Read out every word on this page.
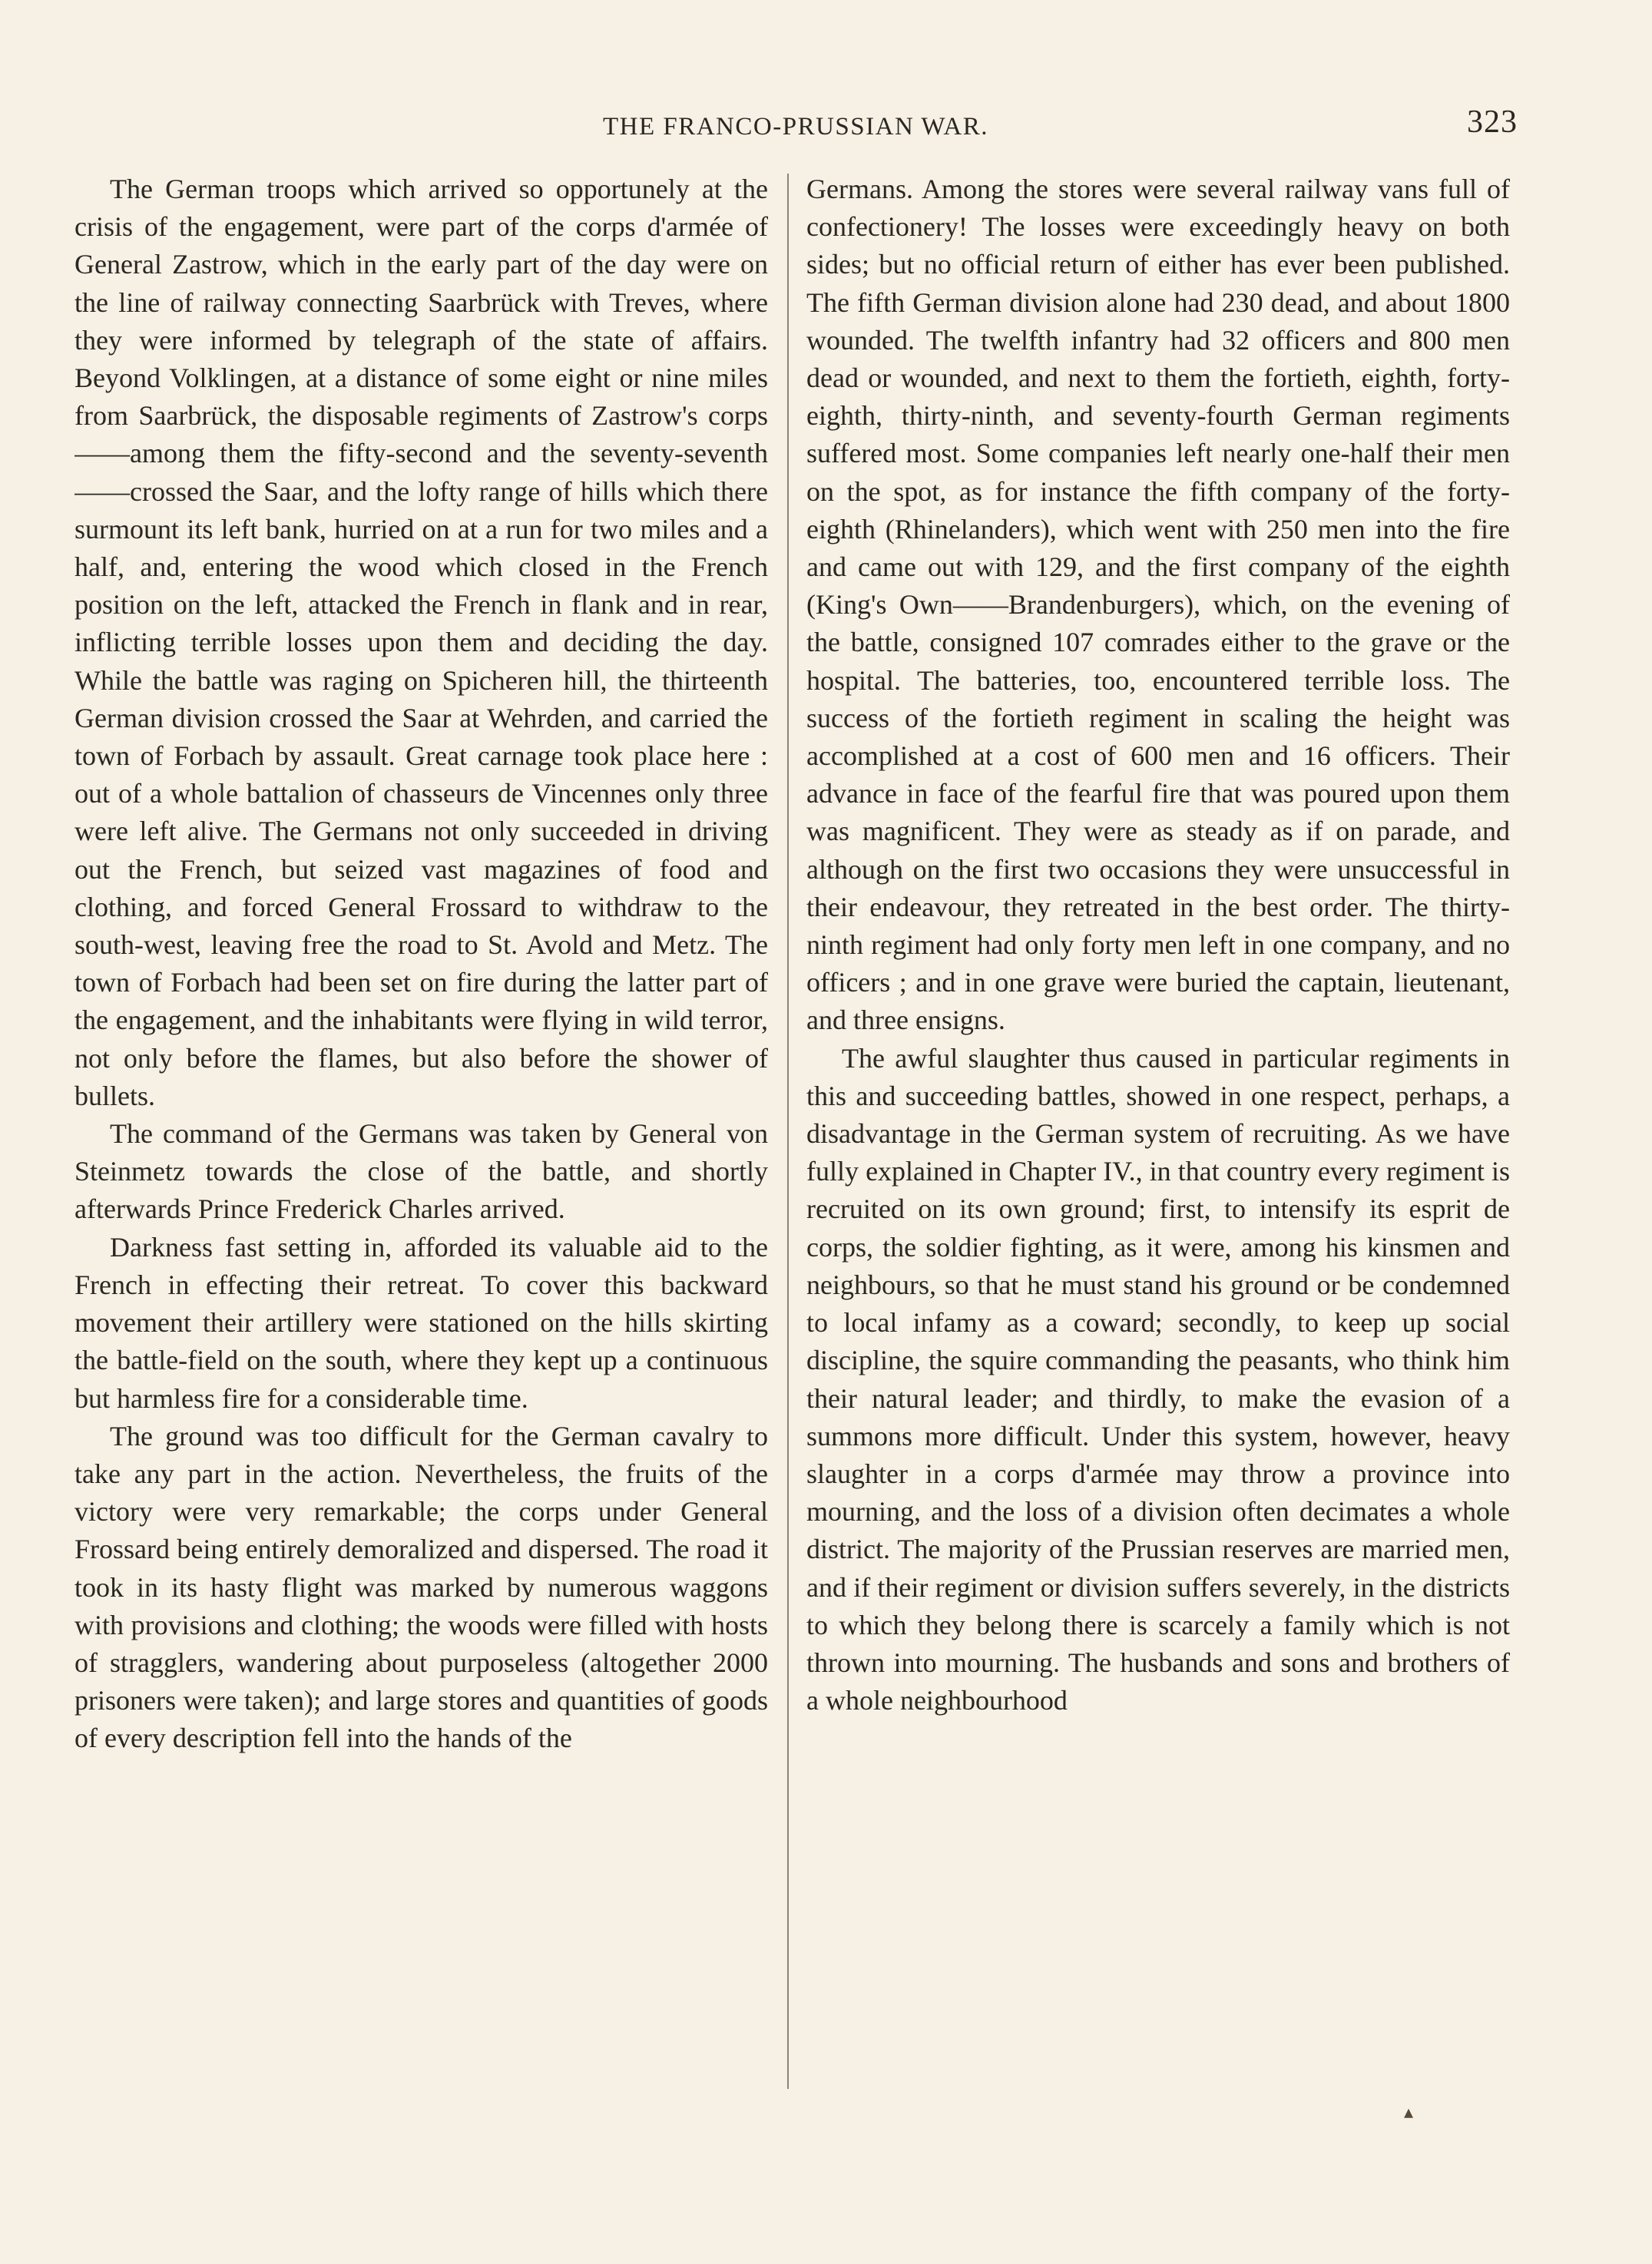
THE FRANCO-PRUSSIAN WAR.	323

The German troops which arrived so opportunely at the crisis of the engagement, were part of the corps d'armée of General Zastrow, which in the early part of the day were on the line of railway connecting Saarbrück with Treves, where they were informed by telegraph of the state of affairs. Beyond Volklingen, at a distance of some eight or nine miles from Saarbrück, the disposable regiments of Zastrow's corps——among them the fifty-second and the seventy-seventh——crossed the Saar, and the lofty range of hills which there surmount its left bank, hurried on at a run for two miles and a half, and, entering the wood which closed in the French position on the left, attacked the French in flank and in rear, inflicting terrible losses upon them and deciding the day. While the battle was raging on Spicheren hill, the thirteenth German division crossed the Saar at Wehrden, and carried the town of Forbach by assault. Great carnage took place here : out of a whole battalion of chasseurs de Vincennes only three were left alive. The Germans not only succeeded in driving out the French, but seized vast magazines of food and clothing, and forced General Frossard to withdraw to the south-west, leaving free the road to St. Avold and Metz. The town of Forbach had been set on fire during the latter part of the engagement, and the inhabitants were flying in wild terror, not only before the flames, but also before the shower of bullets.

The command of the Germans was taken by General von Steinmetz towards the close of the battle, and shortly afterwards Prince Frederick Charles arrived.

Darkness fast setting in, afforded its valuable aid to the French in effecting their retreat. To cover this backward movement their artillery were stationed on the hills skirting the battle-field on the south, where they kept up a continuous but harmless fire for a considerable time.

The ground was too difficult for the German cavalry to take any part in the action. Nevertheless, the fruits of the victory were very remarkable; the corps under General Frossard being entirely demoralized and dispersed. The road it took in its hasty flight was marked by numerous waggons with provisions and clothing; the woods were filled with hosts of stragglers, wandering about purposeless (altogether 2000 prisoners were taken); and large stores and quantities of goods of every description fell into the hands of the

Germans. Among the stores were several railway vans full of confectionery! The losses were exceedingly heavy on both sides; but no official return of either has ever been published. The fifth German division alone had 230 dead, and about 1800 wounded. The twelfth infantry had 32 officers and 800 men dead or wounded, and next to them the fortieth, eighth, forty-eighth, thirty-ninth, and seventy-fourth German regiments suffered most. Some companies left nearly one-half their men on the spot, as for instance the fifth company of the forty-eighth (Rhinelanders), which went with 250 men into the fire and came out with 129, and the first company of the eighth (King's Own——Brandenburgers), which, on the evening of the battle, consigned 107 comrades either to the grave or the hospital. The batteries, too, encountered terrible loss. The success of the fortieth regiment in scaling the height was accomplished at a cost of 600 men and 16 officers. Their advance in face of the fearful fire that was poured upon them was magnificent. They were as steady as if on parade, and although on the first two occasions they were unsuccessful in their endeavour, they retreated in the best order. The thirty-ninth regiment had only forty men left in one company, and no officers ; and in one grave were buried the captain, lieutenant, and three ensigns.

The awful slaughter thus caused in particular regiments in this and succeeding battles, showed in one respect, perhaps, a disadvantage in the German system of recruiting. As we have fully explained in Chapter IV., in that country every regiment is recruited on its own ground; first, to intensify its esprit de corps, the soldier fighting, as it were, among his kinsmen and neighbours, so that he must stand his ground or be condemned to local infamy as a coward; secondly, to keep up social discipline, the squire commanding the peasants, who think him their natural leader; and thirdly, to make the evasion of a summons more difficult. Under this system, however, heavy slaughter in a corps d'armée may throw a province into mourning, and the loss of a division often decimates a whole district. The majority of the Prussian reserves are married men, and if their regiment or division suffers severely, in the districts to which they belong there is scarcely a family which is not thrown into mourning. The husbands and sons and brothers of a whole neighbourhood

▴
